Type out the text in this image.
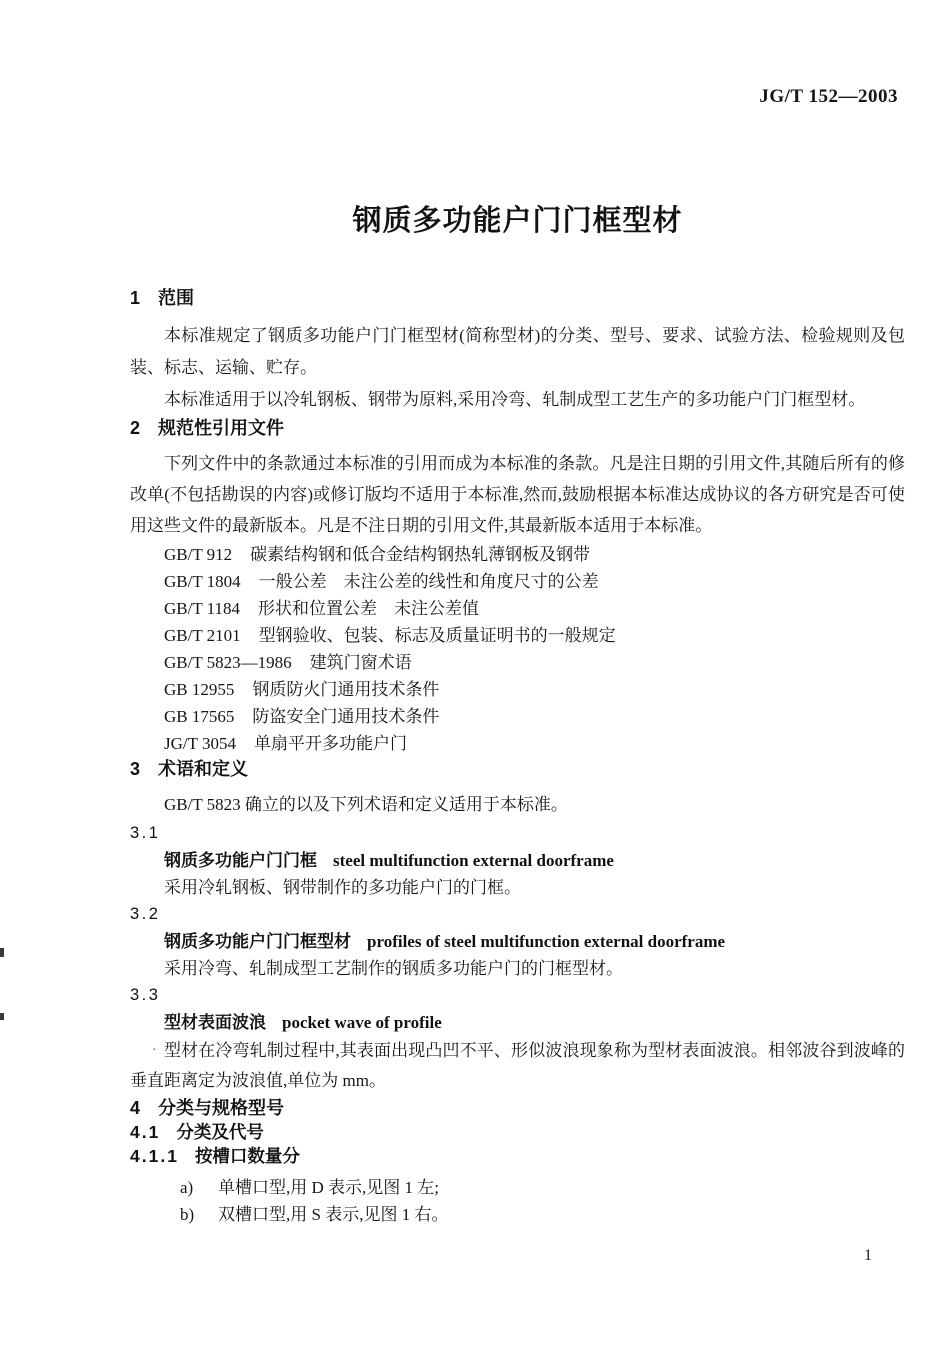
JG/T 152—2003
钢质多功能户门门框型材
1 范围

本标准规定了钢质多功能户门门框型材(简称型材)的分类、型号、要求、试验方法、检验规则及包装、标志、运输、贮存。

本标准适用于以冷轧钢板、钢带为原料,采用冷弯、轧制成型工艺生产的多功能户门门框型材。

2 规范性引用文件

下列文件中的条款通过本标准的引用而成为本标准的条款。凡是注日期的引用文件,其随后所有的修改单(不包括勘误的内容)或修订版均不适用于本标准,然而,鼓励根据本标准达成协议的各方研究是否可使用这些文件的最新版本。凡是不注日期的引用文件,其最新版本适用于本标准。

GB/T 912 碳素结构钢和低合金结构钢热轧薄钢板及钢带

GB/T 1804 一般公差　未注公差的线性和角度尺寸的公差

GB/T 1184 形状和位置公差　未注公差值

GB/T 2101 型钢验收、包装、标志及质量证明书的一般规定

GB/T 5823—1986 建筑门窗术语

GB 12955 钢质防火门通用技术条件

GB 17565 防盗安全门通用技术条件

JG/T 3054 单扇平开多功能户门

3 术语和定义

GB/T 5823 确立的以及下列术语和定义适用于本标准。

3.1

钢质多功能户门门框 steel multifunction external doorframe

采用冷轧钢板、钢带制作的多功能户门的门框。

3.2

钢质多功能户门门框型材 profiles of steel multifunction external doorframe

采用冷弯、轧制成型工艺制作的钢质多功能户门的门框型材。

3.3

型材表面波浪 pocket wave of profile

· 型材在冷弯轧制过程中,其表面出现凸凹不平、形似波浪现象称为型材表面波浪。相邻波谷到波峰的垂直距离定为波浪值,单位为 mm。

4 分类与规格型号
4.1 分类及代号
4.1.1 按槽口数量分

a) 单槽口型,用 D 表示,见图 1 左;

b) 双槽口型,用 S 表示,见图 1 右。

1
